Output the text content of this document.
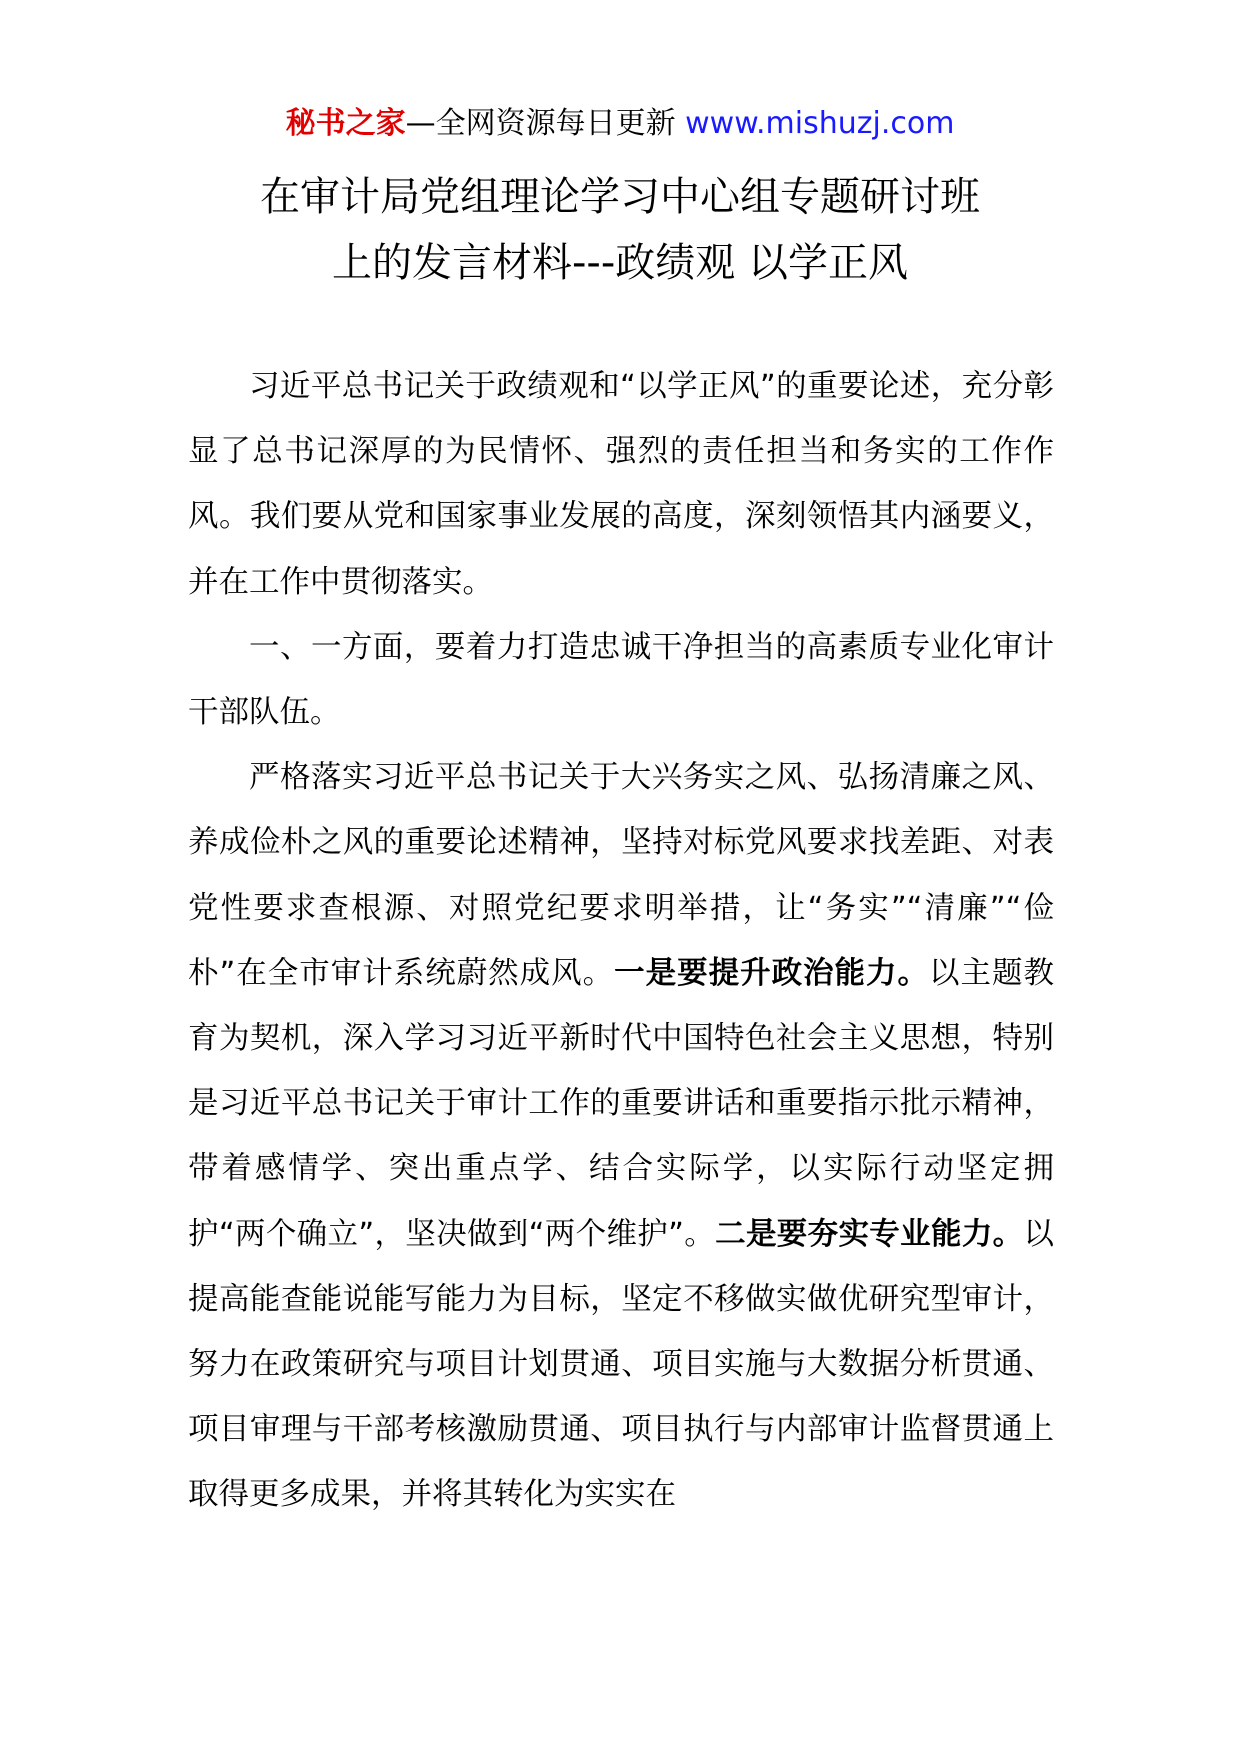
秘书之家—全网资源每日更新 www.mishuzj.com
在审计局党组理论学习中心组专题研讨班
上的发言材料---政绩观 以学正风

习近平总书记关于政绩观和“以学正风”的重要论述，充分彰显了总书记深厚的为民情怀、强烈的责任担当和务实的工作作风。我们要从党和国家事业发展的高度，深刻领悟其内涵要义，并在工作中贯彻落实。

一、一方面，要着力打造忠诚干净担当的高素质专业化审计干部队伍。

严格落实习近平总书记关于大兴务实之风、弘扬清廉之风、养成俭朴之风的重要论述精神，坚持对标党风要求找差距、对表党性要求查根源、对照党纪要求明举措，让“务实”“清廉”“俭朴”在全市审计系统蔚然成风。一是要提升政治能力。以主题教育为契机，深入学习习近平新时代中国特色社会主义思想，特别是习近平总书记关于审计工作的重要讲话和重要指示批示精神，带着感情学、突出重点学、结合实际学，以实际行动坚定拥护“两个确立”，坚决做到“两个维护”。二是要夯实专业能力。以提高能查能说能写能力为目标，坚定不移做实做优研究型审计，努力在政策研究与项目计划贯通、项目实施与大数据分析贯通、项目审理与干部考核激励贯通、项目执行与内部审计监督贯通上取得更多成果，并将其转化为实实在
